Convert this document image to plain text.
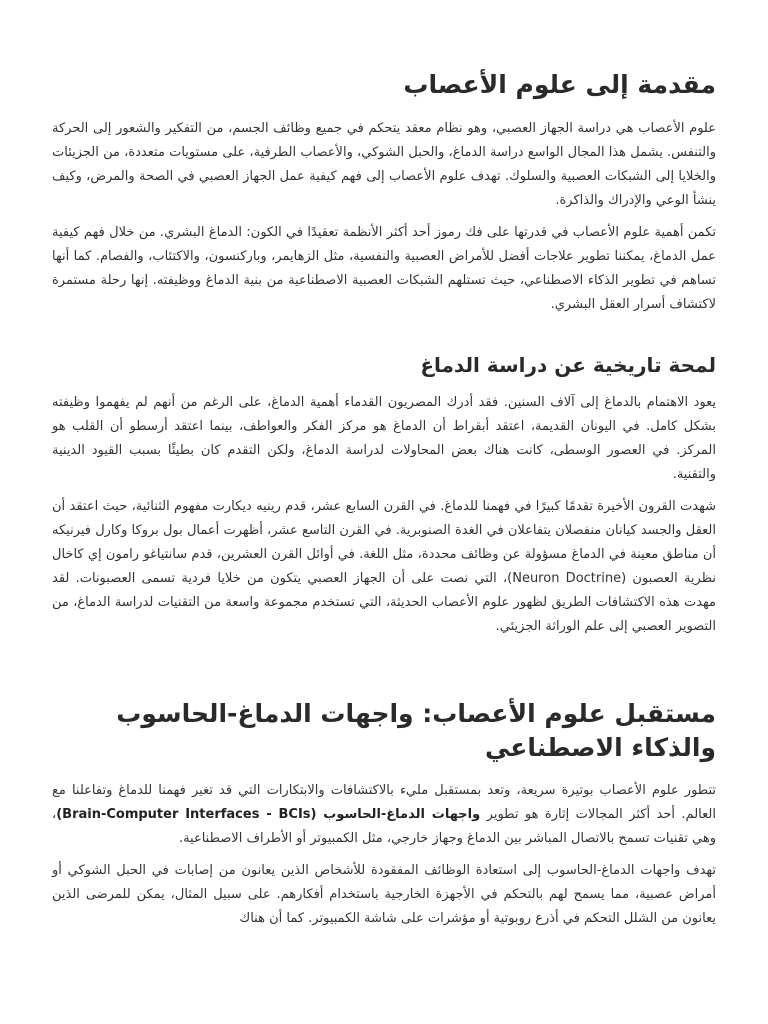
مقدمة إلى علوم الأعصاب

علوم الأعصاب هي دراسة الجهاز العصبي، وهو نظام معقد يتحكم في جميع وظائف الجسم، من التفكير والشعور إلى الحركة والتنفس. يشمل هذا المجال الواسع دراسة الدماغ، والحبل الشوكي، والأعصاب الطرفية، على مستويات متعددة، من الجزيئات والخلايا إلى الشبكات العصبية والسلوك. تهدف علوم الأعصاب إلى فهم كيفية عمل الجهاز العصبي في الصحة والمرض، وكيف ينشأ الوعي والإدراك والذاكرة.

تكمن أهمية علوم الأعصاب في قدرتها على فك رموز أحد أكثر الأنظمة تعقيدًا في الكون: الدماغ البشري. من خلال فهم كيفية عمل الدماغ، يمكننا تطوير علاجات أفضل للأمراض العصبية والنفسية، مثل الزهايمر، وباركنسون، والاكتئاب، والفصام. كما أنها تساهم في تطوير الذكاء الاصطناعي، حيث تستلهم الشبكات العصبية الاصطناعية من بنية الدماغ ووظيفته. إنها رحلة مستمرة لاكتشاف أسرار العقل البشري.

لمحة تاريخية عن دراسة الدماغ

يعود الاهتمام بالدماغ إلى آلاف السنين. فقد أدرك المصريون القدماء أهمية الدماغ، على الرغم من أنهم لم يفهموا وظيفته بشكل كامل. في اليونان القديمة، اعتقد أبقراط أن الدماغ هو مركز الفكر والعواطف، بينما اعتقد أرسطو أن القلب هو المركز. في العصور الوسطى، كانت هناك بعض المحاولات لدراسة الدماغ، ولكن التقدم كان بطيئًا بسبب القيود الدينية والتقنية.

شهدت القرون الأخيرة تقدمًا كبيرًا في فهمنا للدماغ. في القرن السابع عشر، قدم رينيه ديكارت مفهوم الثنائية، حيث اعتقد أن العقل والجسد كيانان منفصلان يتفاعلان في الغدة الصنوبرية. في القرن التاسع عشر، أظهرت أعمال بول بروكا وكارل فيرنيكه أن مناطق معينة في الدماغ مسؤولة عن وظائف محددة، مثل اللغة. في أوائل القرن العشرين، قدم سانتياغو رامون إي كاخال نظرية العصبون (Neuron Doctrine)، التي نصت على أن الجهاز العصبي يتكون من خلايا فردية تسمى العصبونات. لقد مهدت هذه الاكتشافات الطريق لظهور علوم الأعصاب الحديثة، التي تستخدم مجموعة واسعة من التقنيات لدراسة الدماغ، من التصوير العصبي إلى علم الوراثة الجزيئي.

مستقبل علوم الأعصاب: واجهات الدماغ-الحاسوب والذكاء الاصطناعي

تتطور علوم الأعصاب بوتيرة سريعة، وتعد بمستقبل مليء بالاكتشافات والابتكارات التي قد تغير فهمنا للدماغ وتفاعلنا مع العالم. أحد أكثر المجالات إثارة هو تطوير واجهات الدماغ-الحاسوب (Brain-Computer Interfaces - BCIs)، وهي تقنيات تسمح بالاتصال المباشر بين الدماغ وجهاز خارجي، مثل الكمبيوتر أو الأطراف الاصطناعية.

تهدف واجهات الدماغ-الحاسوب إلى استعادة الوظائف المفقودة للأشخاص الذين يعانون من إصابات في الحبل الشوكي أو أمراض عصبية، مما يسمح لهم بالتحكم في الأجهزة الخارجية باستخدام أفكارهم. على سبيل المثال، يمكن للمرضى الذين يعانون من الشلل التحكم في أذرع روبوتية أو مؤشرات على شاشة الكمبيوتر. كما أن هناك
